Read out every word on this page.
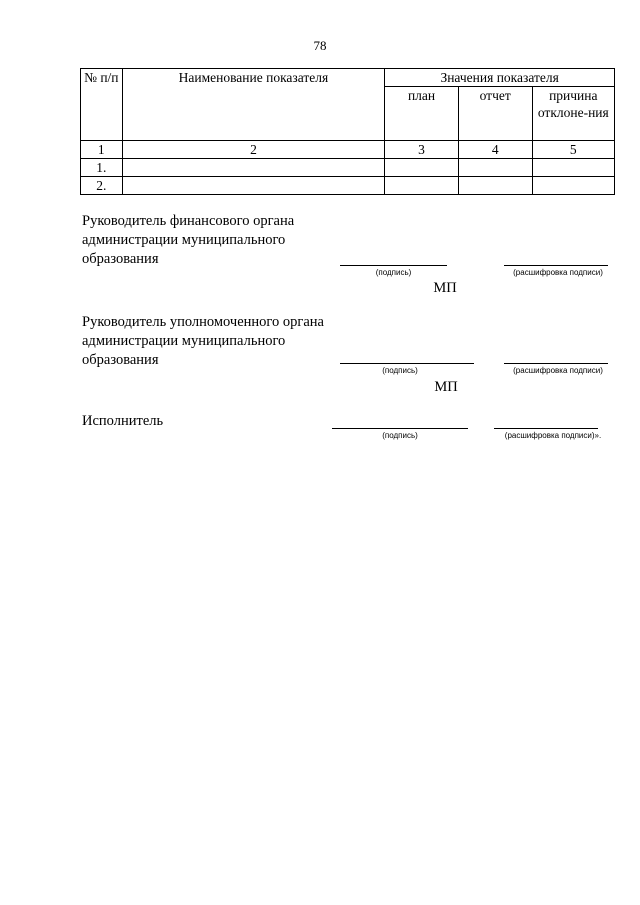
78
№ п/п	Наименование показателя	Значения показателя		
		план	отчет	причина отклоне-ния
1	2	3	4	5
1.				
2.				
Руководитель финансового органа администрации муниципального образования
(подпись)	(расшифровка подписи)
МП
Руководитель уполномоченного органа администрации муниципального образования
(подпись)	(расшифровка подписи)
МП
Исполнитель
(подпись)	(расшифровка подписи)».
